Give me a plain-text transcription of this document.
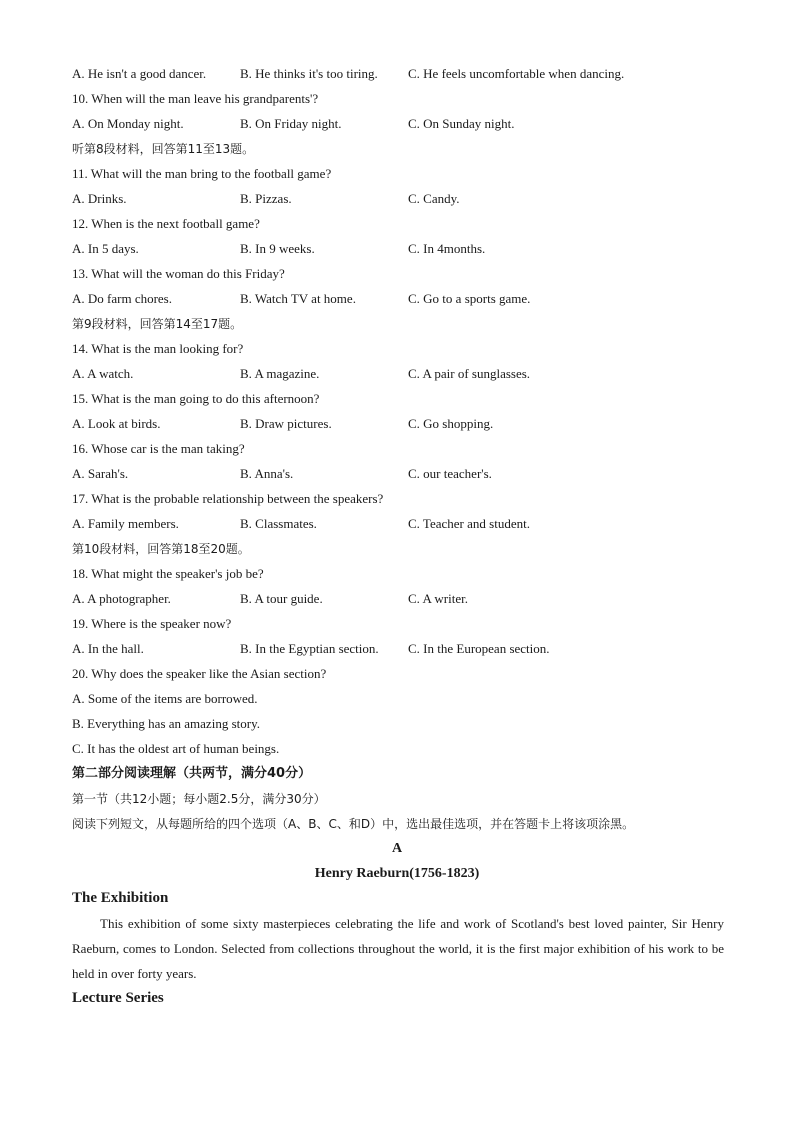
A. He isn't a good dancer.	B. He thinks it's too tiring. C. He feels uncomfortable when dancing.
10. When will the man leave his grandparents'?
A. On Monday night.	B. On Friday night.	C. On Sunday night.
听第8段材料，回答第11至13题。
11. What will the man bring to the football game?
A. Drinks.	B. Pizzas.	C. Candy.
12. When is the next football game?
A. In 5 days.	B. In 9 weeks.	C. In 4months.
13. What will the woman do this Friday?
A. Do farm chores.	B. Watch TV at home.	C. Go to a sports game.
第9段材料，回答第14至17题。
14. What is the man looking for?
A. A watch.	B. A magazine.	C. A pair of sunglasses.
15. What is the man going to do this afternoon?
A. Look at birds.	B. Draw pictures.	C. Go shopping.
16. Whose car is the man taking?
A. Sarah's.	B. Anna's.	C. our teacher's.
17. What is the probable relationship between the speakers?
A. Family members.	B. Classmates.	C. Teacher and student.
第10段材料，回答第18至20题。
18. What might the speaker's job be?
A. A photographer.	B. A tour guide.	C. A writer.
19. Where is the speaker now?
A. In the hall.	B. In the Egyptian section. C. In the European section.
20. Why does the speaker like the Asian section?
A. Some of the items are borrowed.
B. Everything has an amazing story.
C. It has the oldest art of human beings.
第二部分阅读理解（共两节，满分40分）
第一节（共12小题；每小题2.5分，满分30分）
阅读下列短文，从每题所给的四个选项（A、B、C、和D）中，选出最佳选项，并在答题卡上将该项涂黑。
A
Henry Raeburn(1756-1823)
The Exhibition
This exhibition of some sixty masterpieces celebrating the life and work of Scotland's best loved painter, Sir Henry Raeburn, comes to London. Selected from collections throughout the world, it is the first major exhibition of his work to be held in over forty years.
Lecture Series
